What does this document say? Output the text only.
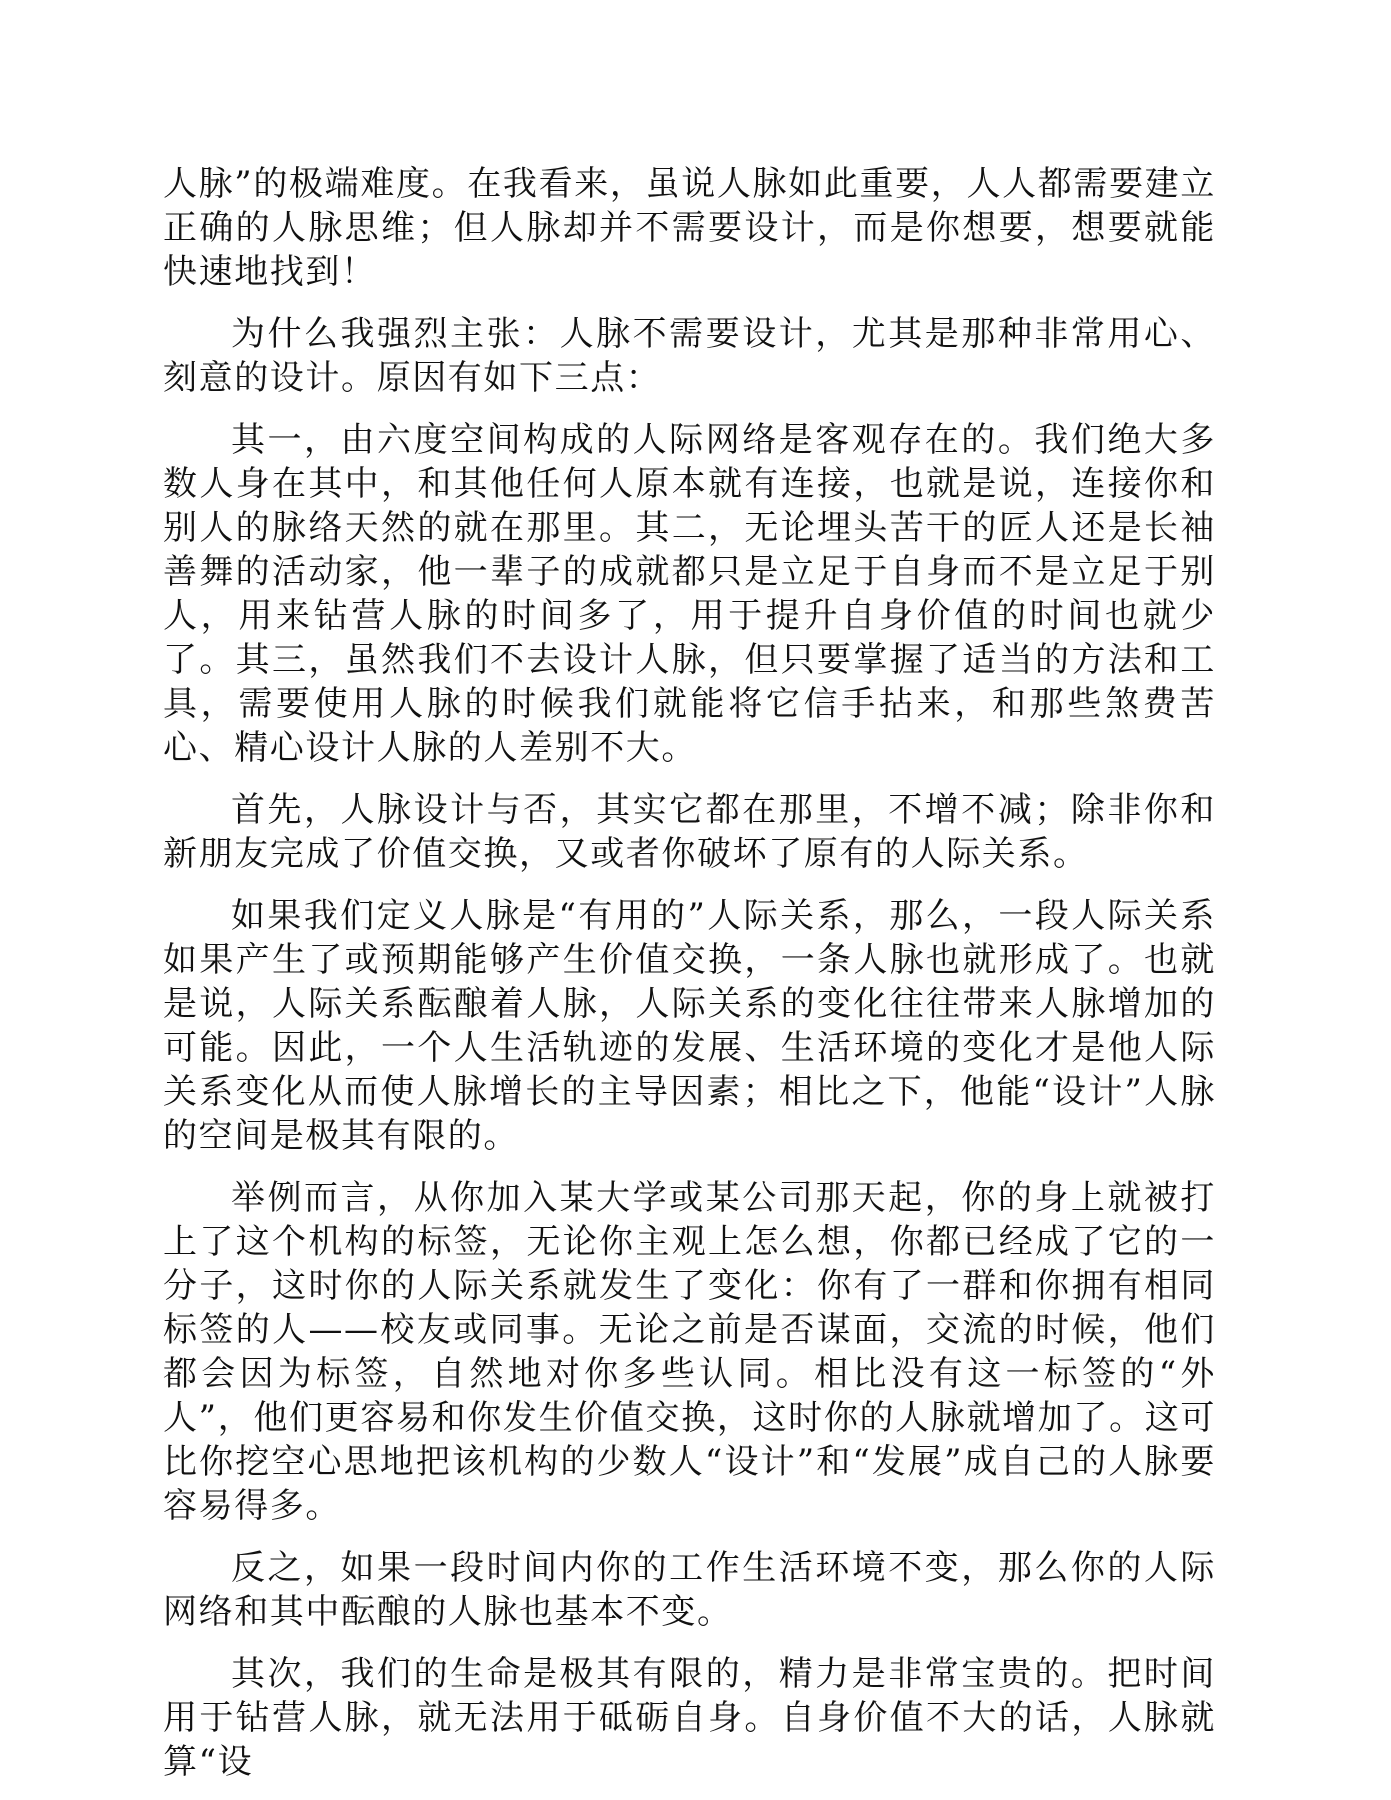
人脉”的极端难度。在我看来，虽说人脉如此重要，人人都需要建立正确的人脉思维；但人脉却并不需要设计，而是你想要，想要就能快速地找到！

为什么我强烈主张：人脉不需要设计，尤其是那种非常用心、刻意的设计。原因有如下三点：

其一，由六度空间构成的人际网络是客观存在的。我们绝大多数人身在其中，和其他任何人原本就有连接，也就是说，连接你和别人的脉络天然的就在那里。其二，无论埋头苦干的匠人还是长袖善舞的活动家，他一辈子的成就都只是立足于自身而不是立足于别人，用来钻营人脉的时间多了，用于提升自身价值的时间也就少了。其三，虽然我们不去设计人脉，但只要掌握了适当的方法和工具，需要使用人脉的时候我们就能将它信手拈来，和那些煞费苦心、精心设计人脉的人差别不大。

首先，人脉设计与否，其实它都在那里，不增不减；除非你和新朋友完成了价值交换，又或者你破坏了原有的人际关系。

如果我们定义人脉是“有用的”人际关系，那么，一段人际关系如果产生了或预期能够产生价值交换，一条人脉也就形成了。也就是说，人际关系酝酿着人脉，人际关系的变化往往带来人脉增加的可能。因此，一个人生活轨迹的发展、生活环境的变化才是他人际关系变化从而使人脉增长的主导因素；相比之下，他能“设计”人脉的空间是极其有限的。

举例而言，从你加入某大学或某公司那天起，你的身上就被打上了这个机构的标签，无论你主观上怎么想，你都已经成了它的一分子，这时你的人际关系就发生了变化：你有了一群和你拥有相同标签的人——校友或同事。无论之前是否谋面，交流的时候，他们都会因为标签，自然地对你多些认同。相比没有这一标签的“外人”，他们更容易和你发生价值交换，这时你的人脉就增加了。这可比你挖空心思地把该机构的少数人“设计”和“发展”成自己的人脉要容易得多。

反之，如果一段时间内你的工作生活环境不变，那么你的人际网络和其中酝酿的人脉也基本不变。

其次，我们的生命是极其有限的，精力是非常宝贵的。把时间用于钻营人脉，就无法用于砥砺自身。自身价值不大的话，人脉就算“设
